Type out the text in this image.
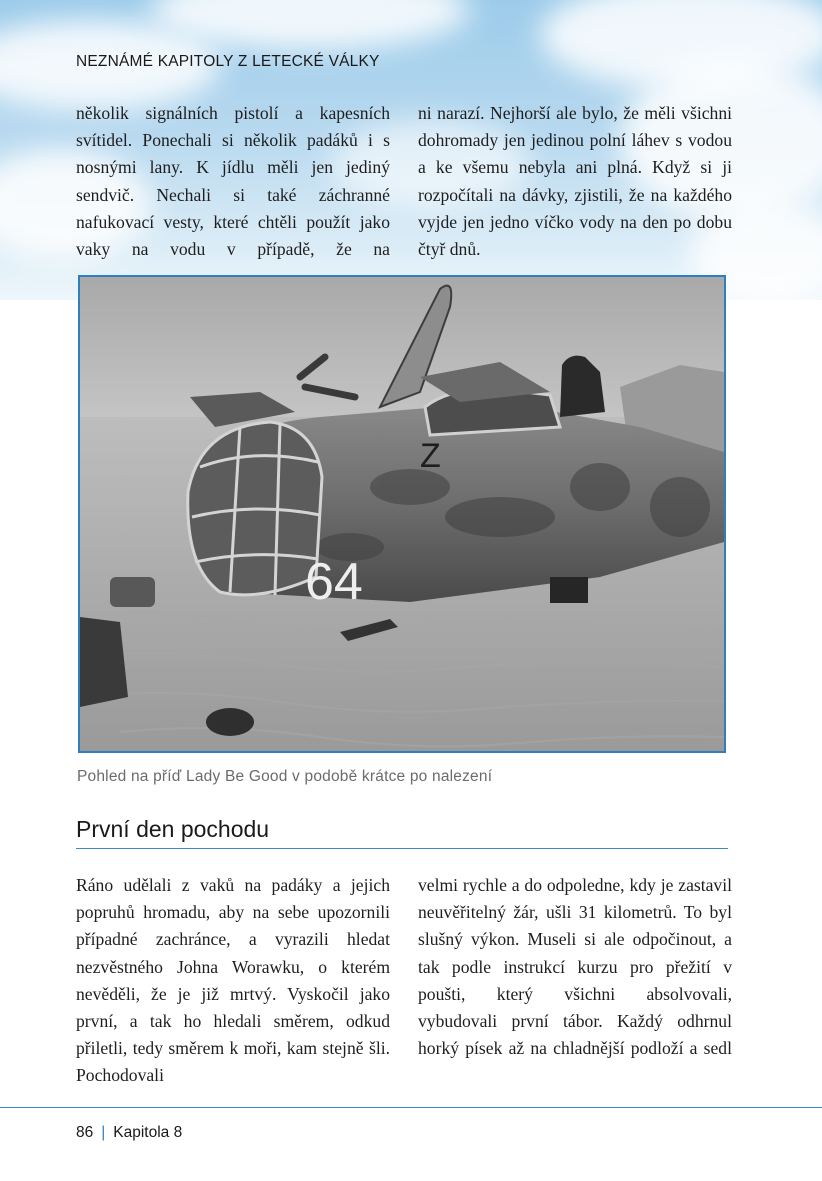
NEZNÁMÉ KAPITOLY Z LETECKÉ VÁLKY

několik signálních pistolí a kapesních svítidel. Ponechali si několik padáků i s nosnými lany. K jídlu měli jen jediný sendvič. Nechali si také záchranné nafukovací vesty, které chtěli použít jako vaky na vodu v případě, že na

ni narazí. Nejhorší ale bylo, že měli všichni dohromady jen jedinou polní láhev s vodou a ke všemu nebyla ani plná. Když si ji rozpočítali na dávky, zjistili, že na každého vyjde jen jedno víčko vody na den po dobu čtyř dnů.

64
Z

Pohled na příď Lady Be Good v podobě krátce po nalezení

První den pochodu

Ráno udělali z vaků na padáky a jejich popruhů hromadu, aby na sebe upozornili případné zachránce, a vyrazili hledat nezvěstného Johna Worawku, o kterém nevěděli, že je již mrtvý. Vyskočil jako první, a tak ho hledali směrem, odkud přiletli, tedy směrem k moři, kam stejně šli. Pochodovali

velmi rychle a do odpoledne, kdy je zastavil neuvěřitelný žár, ušli 31 kilometrů. To byl slušný výkon. Museli si ale odpočinout, a tak podle instrukcí kurzu pro přežití v poušti, který všichni absolvovali, vybudovali první tábor. Každý odhrnul horký písek až na chladnější podloží a sedl

86 | Kapitola 8
